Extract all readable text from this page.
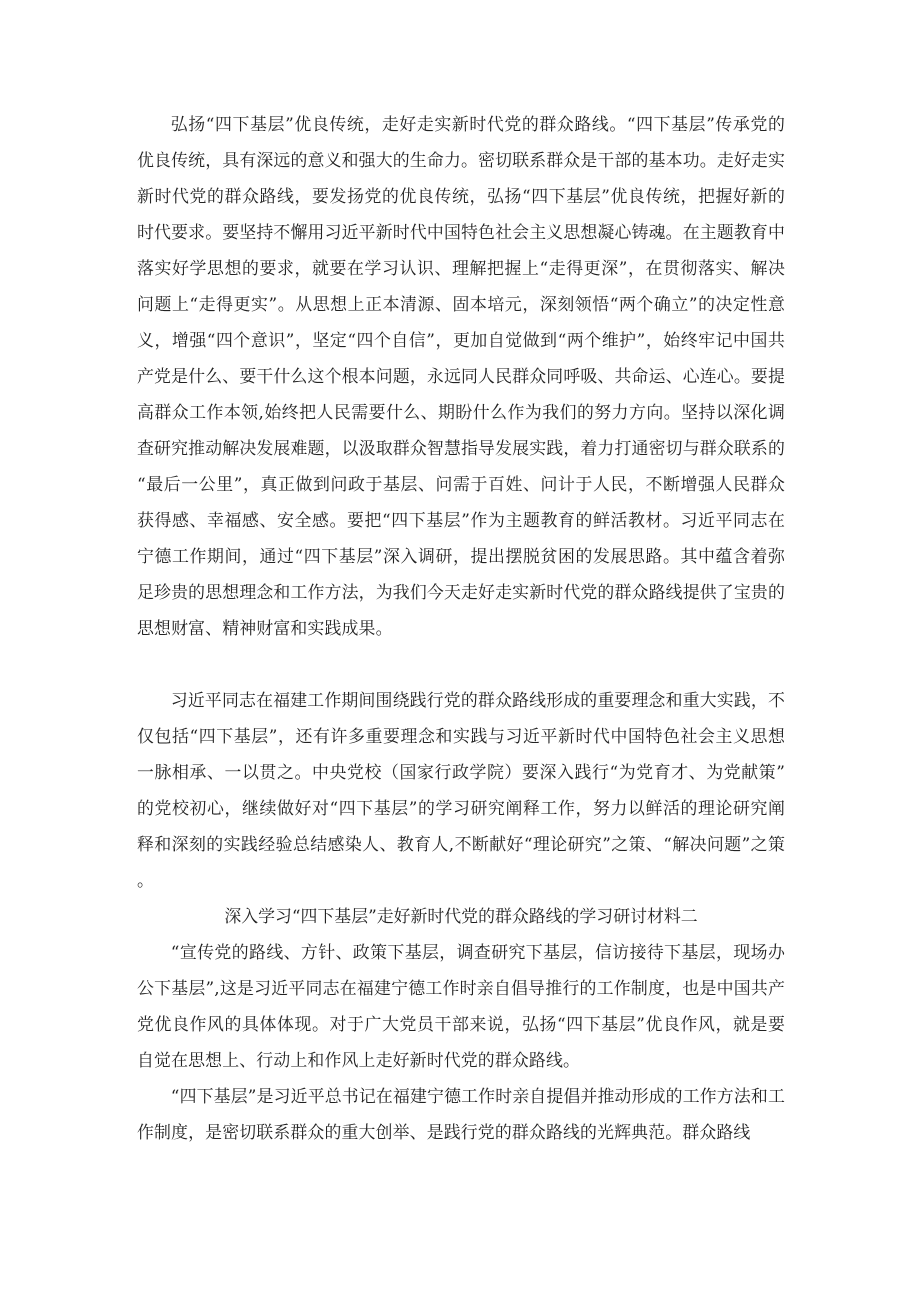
弘扬“四下基层”优良传统，走好走实新时代党的群众路线。“四下基层”传承党的优良传统，具有深远的意义和强大的生命力。密切联系群众是干部的基本功。走好走实新时代党的群众路线，要发扬党的优良传统，弘扬“四下基层”优良传统，把握好新的时代要求。要坚持不懈用习近平新时代中国特色社会主义思想凝心铸魂。在主题教育中落实好学思想的要求，就要在学习认识、理解把握上“走得更深”，在贯彻落实、解决问题上“走得更实”。从思想上正本清源、固本培元，深刻领悟“两个确立”的决定性意义，增强“四个意识”，坚定“四个自信”，更加自觉做到“两个维护”，始终牢记中国共产党是什么、要干什么这个根本问题，永远同人民群众同呼吸、共命运、心连心。要提高群众工作本领,始终把人民需要什么、期盼什么作为我们的努力方向。坚持以深化调查研究推动解决发展难题，以汲取群众智慧指导发展实践，着力打通密切与群众联系的“最后一公里”，真正做到问政于基层、问需于百姓、问计于人民，不断增强人民群众获得感、幸福感、安全感。要把“四下基层”作为主题教育的鲜活教材。习近平同志在宁德工作期间，通过“四下基层”深入调研，提出摆脱贫困的发展思路。其中蕴含着弥足珍贵的思想理念和工作方法，为我们今天走好走实新时代党的群众路线提供了宝贵的思想财富、精神财富和实践成果。

习近平同志在福建工作期间围绕践行党的群众路线形成的重要理念和重大实践，不仅包括“四下基层”，还有许多重要理念和实践与习近平新时代中国特色社会主义思想一脉相承、一以贯之。中央党校（国家行政学院）要深入践行“为党育才、为党献策”的党校初心，继续做好对“四下基层”的学习研究阐释工作，努力以鲜活的理论研究阐释和深刻的实践经验总结感染人、教育人,不断献好“理论研究”之策、“解决问题”之策。

深入学习“四下基层”走好新时代党的群众路线的学习研讨材料二

“宣传党的路线、方针、政策下基层，调查研究下基层，信访接待下基层，现场办公下基层”,这是习近平同志在福建宁德工作时亲自倡导推行的工作制度，也是中国共产党优良作风的具体体现。对于广大党员干部来说，弘扬“四下基层”优良作风，就是要自觉在思想上、行动上和作风上走好新时代党的群众路线。

“四下基层”是习近平总书记在福建宁德工作时亲自提倡并推动形成的工作方法和工作制度，是密切联系群众的重大创举、是践行党的群众路线的光辉典范。群众路线
